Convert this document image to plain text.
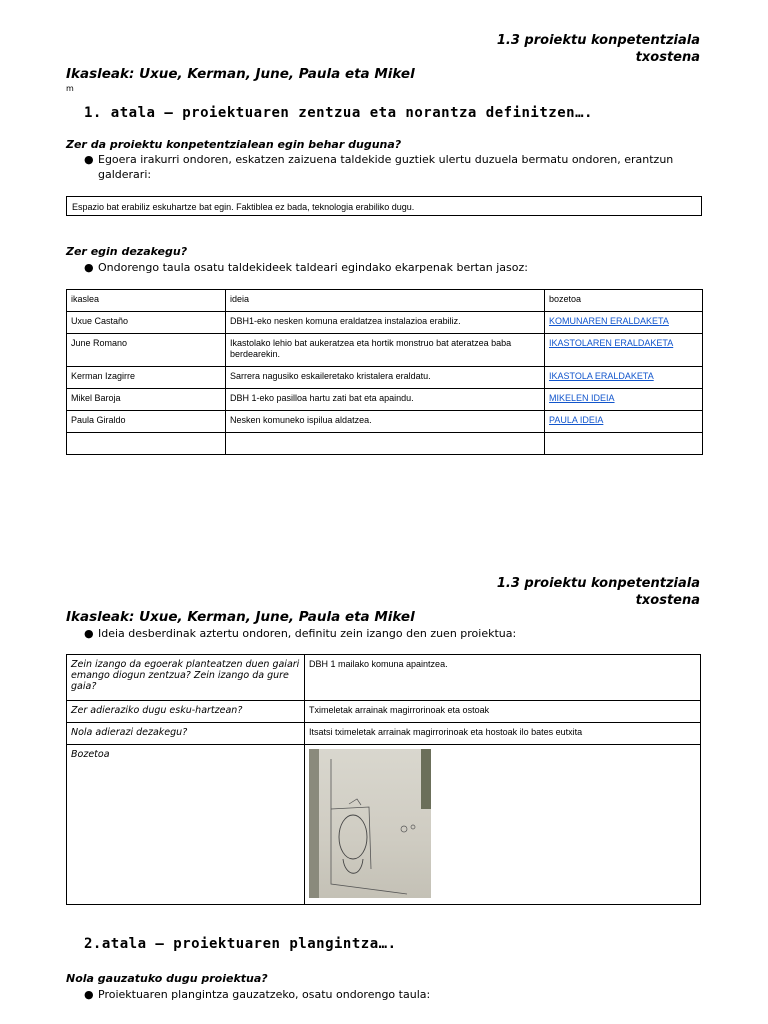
1.3 proiektu konpetentziala
txostena
Ikasleak: Uxue, Kerman, June, Paula eta Mikel
m
1. atala – proiektuaren zentzua eta norantza definitzen….
Zer da proiektu konpetentzialean egin behar duguna?
● Egoera irakurri ondoren, eskatzen zaizuena taldekide guztiek ulertu duzuela bermatu ondoren, erantzun galderari:
Espazio bat erabiliz eskuhartze bat egin. Faktiblea ez bada, teknologia erabiliko dugu.
Zer egin dezakegu?
● Ondorengo taula osatu taldekideek taldeari egindako ekarpenak bertan jasoz:
ikaslea	ideia	bozetoa
Uxue Castaño	DBH1-eko nesken komuna eraldatzea instalazioa erabiliz.	KOMUNAREN ERALDAKETA
June Romano	Ikastolako lehio bat aukeratzea eta hortik monstruo bat ateratzea baba berdearekin.	IKASTOLAREN ERALDAKETA
Kerman Izagirre	Sarrera nagusiko eskaileretako kristalera eraldatu.	IKASTOLA ERALDAKETA
Mikel Baroja	DBH 1-eko pasilloa hartu zati bat eta apaindu.	MIKELEN IDEIA
Paula Giraldo	Nesken komuneko ispilua aldatzea.	PAULA IDEIA

1.3 proiektu konpetentziala
txostena
Ikasleak: Uxue, Kerman, June, Paula eta Mikel
● Ideia desberdinak aztertu ondoren, definitu zein izango den zuen proiektua:
Zein izango da egoerak planteatzen duen gaiari emango diogun zentzua? Zein izango da gure gaia?	DBH 1 mailako komuna apaintzea.
Zer adieraziko dugu esku-hartzean?	Tximeletak arrainak magirrorinoak eta ostoak
Nola adierazi dezakegu?	Itsatsi tximeletak arrainak magirrorinoak eta hostoak ilo bates eutxita
Bozetoa	
2.atala – proiektuaren plangintza….
Nola gauzatuko dugu proiektua?
● Proiektuaren plangintza gauzatzeko, osatu ondorengo taula:
